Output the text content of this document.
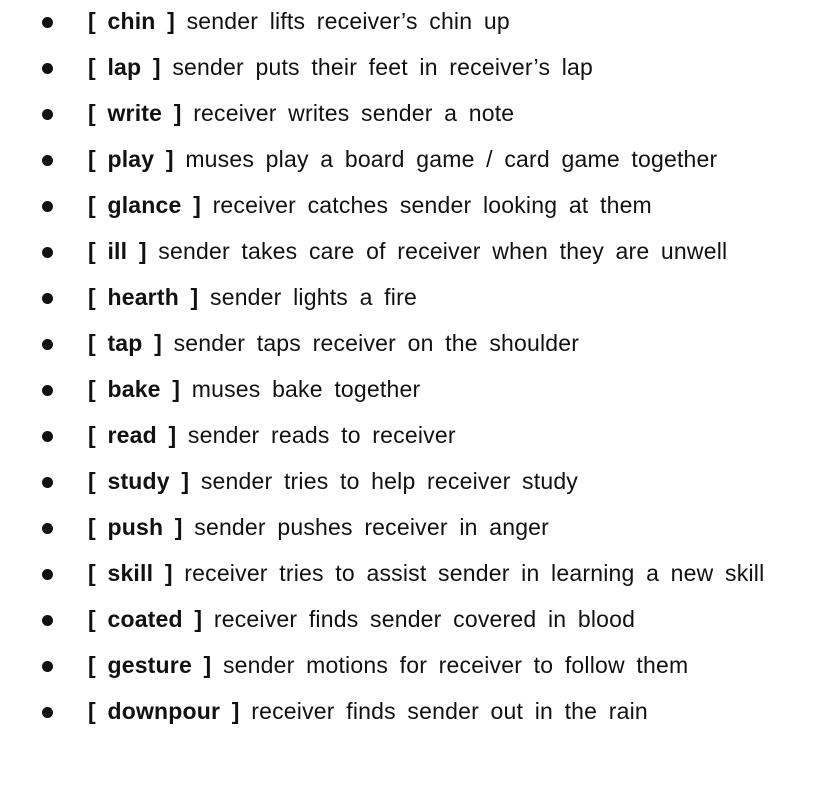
[ chin ] sender lifts receiver’s chin up
[ lap ] sender puts their feet in receiver’s lap
[ write ] receiver writes sender a note
[ play ] muses play a board game / card game together
[ glance ] receiver catches sender looking at them
[ ill ] sender takes care of receiver when they are unwell
[ hearth ] sender lights a fire
[ tap ] sender taps receiver on the shoulder
[ bake ] muses bake together
[ read ] sender reads to receiver
[ study ] sender tries to help receiver study
[ push ] sender pushes receiver in anger
[ skill ] receiver tries to assist sender in learning a new skill
[ coated ] receiver finds sender covered in blood
[ gesture ] sender motions for receiver to follow them
[ downpour ] receiver finds sender out in the rain
